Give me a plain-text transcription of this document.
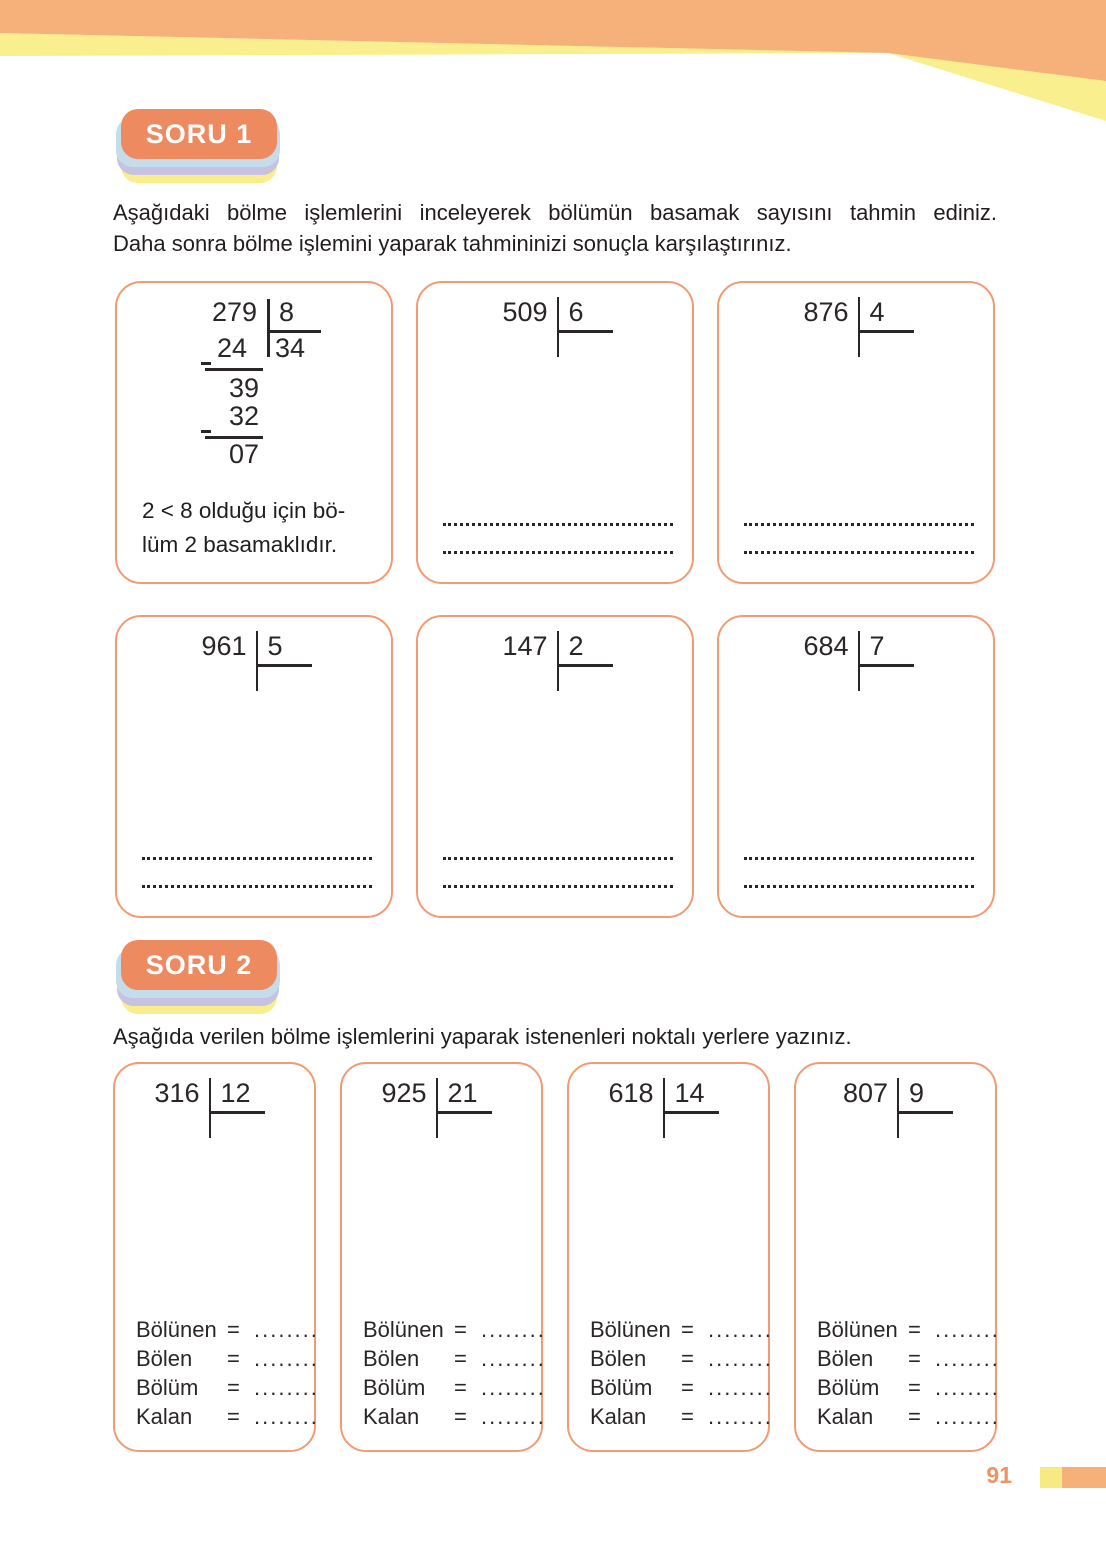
SORU 1
Aşağıdaki bölme işlemlerini inceleyerek bölümün basamak sayısını tahmin ediniz.
Daha sonra bölme işlemini yaparak tahmininizi sonuçla karşılaştırınız.
279 8
34
24
39
32
07
2 < 8 olduğu için bö-
lüm 2 basamaklıdır.
509 6	876 4
961 5	147 2	684 7
SORU 2
Aşağıda verilen bölme işlemlerini yaparak istenenleri noktalı yerlere yazınız.
316 12
Bölünen = ........
Bölen	= ........
Bölüm	= ........
Kalan	= ........
925 21
Bölünen = ........
Bölen	= ........
Bölüm	= ........
Kalan	= ........
618 14
Bölünen = ........
Bölen	= ........
Bölüm	= ........
Kalan	= ........
807 9
Bölünen = ........
Bölen	= ........
Bölüm	= ........
Kalan	= ........
91
